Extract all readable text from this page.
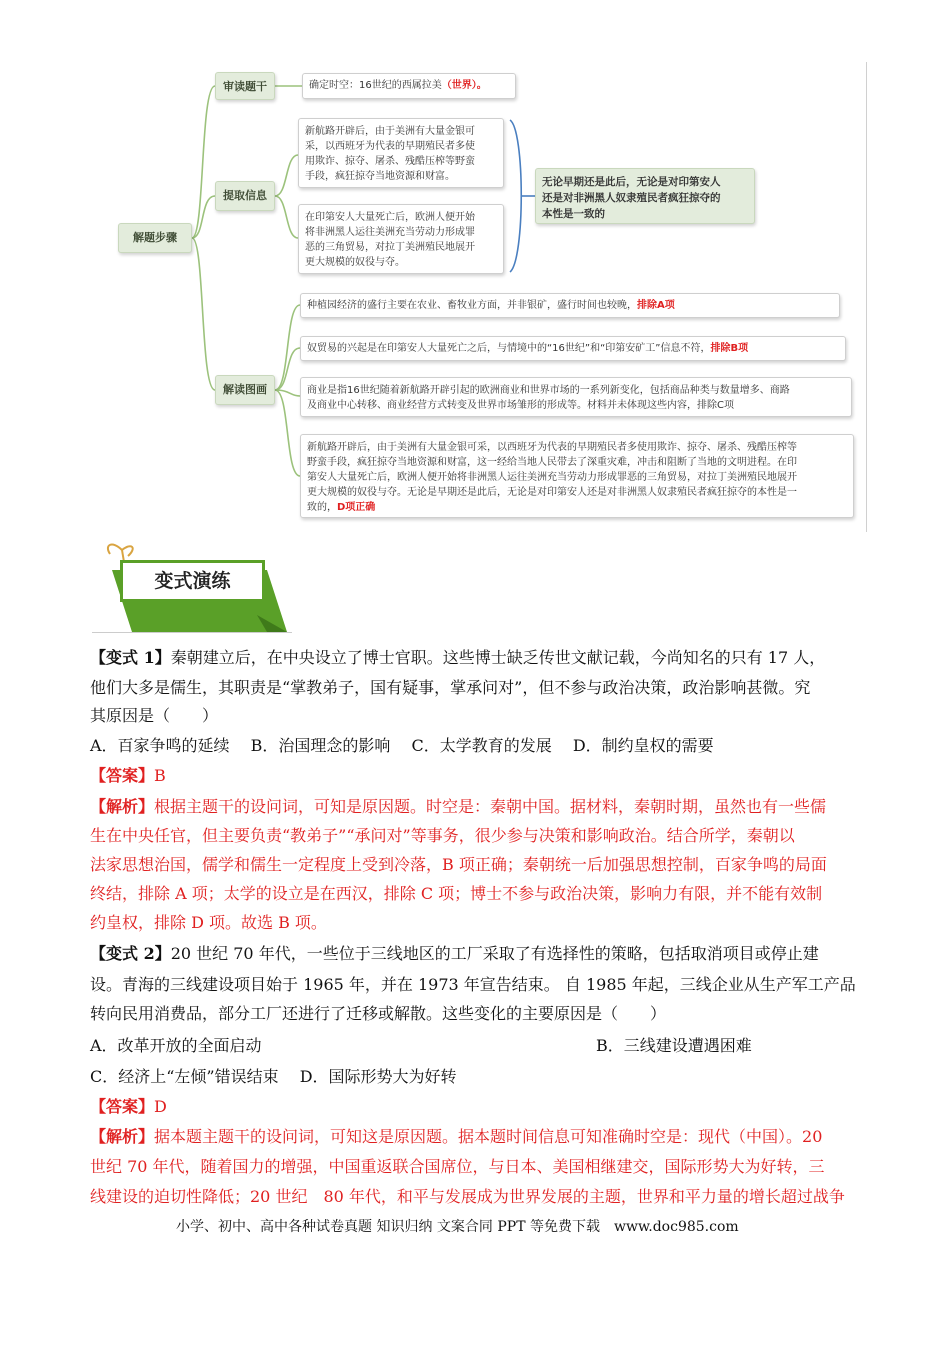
解题步骤
审读题干
提取信息
解读图画
确定时空：16世纪的西属拉美（世界）。
新航路开辟后，由于美洲有大量金银可
采，以西班牙为代表的早期殖民者多使
用欺诈、掠夺、屠杀、残酷压榨等野蛮
手段，疯狂掠夺当地资源和财富。
在印第安人大量死亡后，欧洲人便开始
将非洲黑人运往美洲充当劳动力形成罪
恶的三角贸易，对拉丁美洲殖民地展开
更大规模的奴役与夺。
无论早期还是此后，无论是对印第安人
还是对非洲黑人奴隶殖民者疯狂掠夺的
本性是一致的
种植园经济的盛行主要在农业、畜牧业方面，并非银矿，盛行时间也较晚，排除A项
奴贸易的兴起是在印第安人大量死亡之后，与情境中的“16世纪”和“印第安矿工”信息不符，排除B项
商业是指16世纪随着新航路开辟引起的欧洲商业和世界市场的一系列新变化，包括商品种类与数量增多、商路
及商业中心转移、商业经营方式转变及世界市场雏形的形成等。材料并未体现这些内容，排除C项
新航路开辟后，由于美洲有大量金银可采，以西班牙为代表的早期殖民者多使用欺诈、掠夺、屠杀、残酷压榨等
野蛮手段，疯狂掠夺当地资源和财富，这一经给当地人民带去了深重灾难，冲击和阻断了当地的文明进程。在印
第安人大量死亡后，欧洲人便开始将非洲黑人运往美洲充当劳动力形成罪恶的三角贸易，对拉丁美洲殖民地展开
更大规模的奴役与夺。无论是早期还是此后，无论是对印第安人还是对非洲黑人奴隶殖民者疯狂掠夺的本性是一
致的，D项正确
变式演练
【变式 1】秦朝建立后，在中央设立了博士官职。这些博士缺乏传世文献记载，今尚知名的只有 17 人，
他们大多是儒生，其职责是“掌教弟子，国有疑事，掌承问对”，但不参与政治决策，政治影响甚微。究
其原因是（　　）
A．百家争鸣的延续　 B．治国理念的影响　 C．太学教育的发展　 D．制约皇权的需要
【答案】B
【解析】根据主题干的设问词，可知是原因题。时空是：秦朝中国。据材料，秦朝时期，虽然也有一些儒
生在中央任官，但主要负责“教弟子”“承问对”等事务，很少参与决策和影响政治。结合所学，秦朝以
法家思想治国，儒学和儒生一定程度上受到冷落，B 项正确；秦朝统一后加强思想控制，百家争鸣的局面
终结，排除 A 项；太学的设立是在西汉，排除 C 项；博士不参与政治决策，影响力有限，并不能有效制
约皇权，排除 D 项。故选 B 项。
【变式 2】20 世纪 70 年代，一些位于三线地区的工厂采取了有选择性的策略，包括取消项目或停止建
设。青海的三线建设项目始于 1965 年，并在 1973 年宣告结束。 自 1985 年起，三线企业从生产军工产品
转向民用消费品，部分工厂还进行了迁移或解散。这些变化的主要原因是（　　）
A．改革开放的全面启动	B．三线建设遭遇困难
C．经济上“左倾”错误结束　 D．国际形势大为好转
【答案】D
【解析】据本题主题干的设问词，可知这是原因题。据本题时间信息可知准确时空是：现代（中国）。20
世纪 70 年代，随着国力的增强，中国重返联合国席位，与日本、美国相继建交，国际形势大为好转，三
线建设的迫切性降低；20 世纪　80 年代，和平与发展成为世界发展的主题，世界和平力量的增长超过战争
小学、初中、高中各种试卷真题 知识归纳 文案合同 PPT 等免费下载　www.doc985.com
